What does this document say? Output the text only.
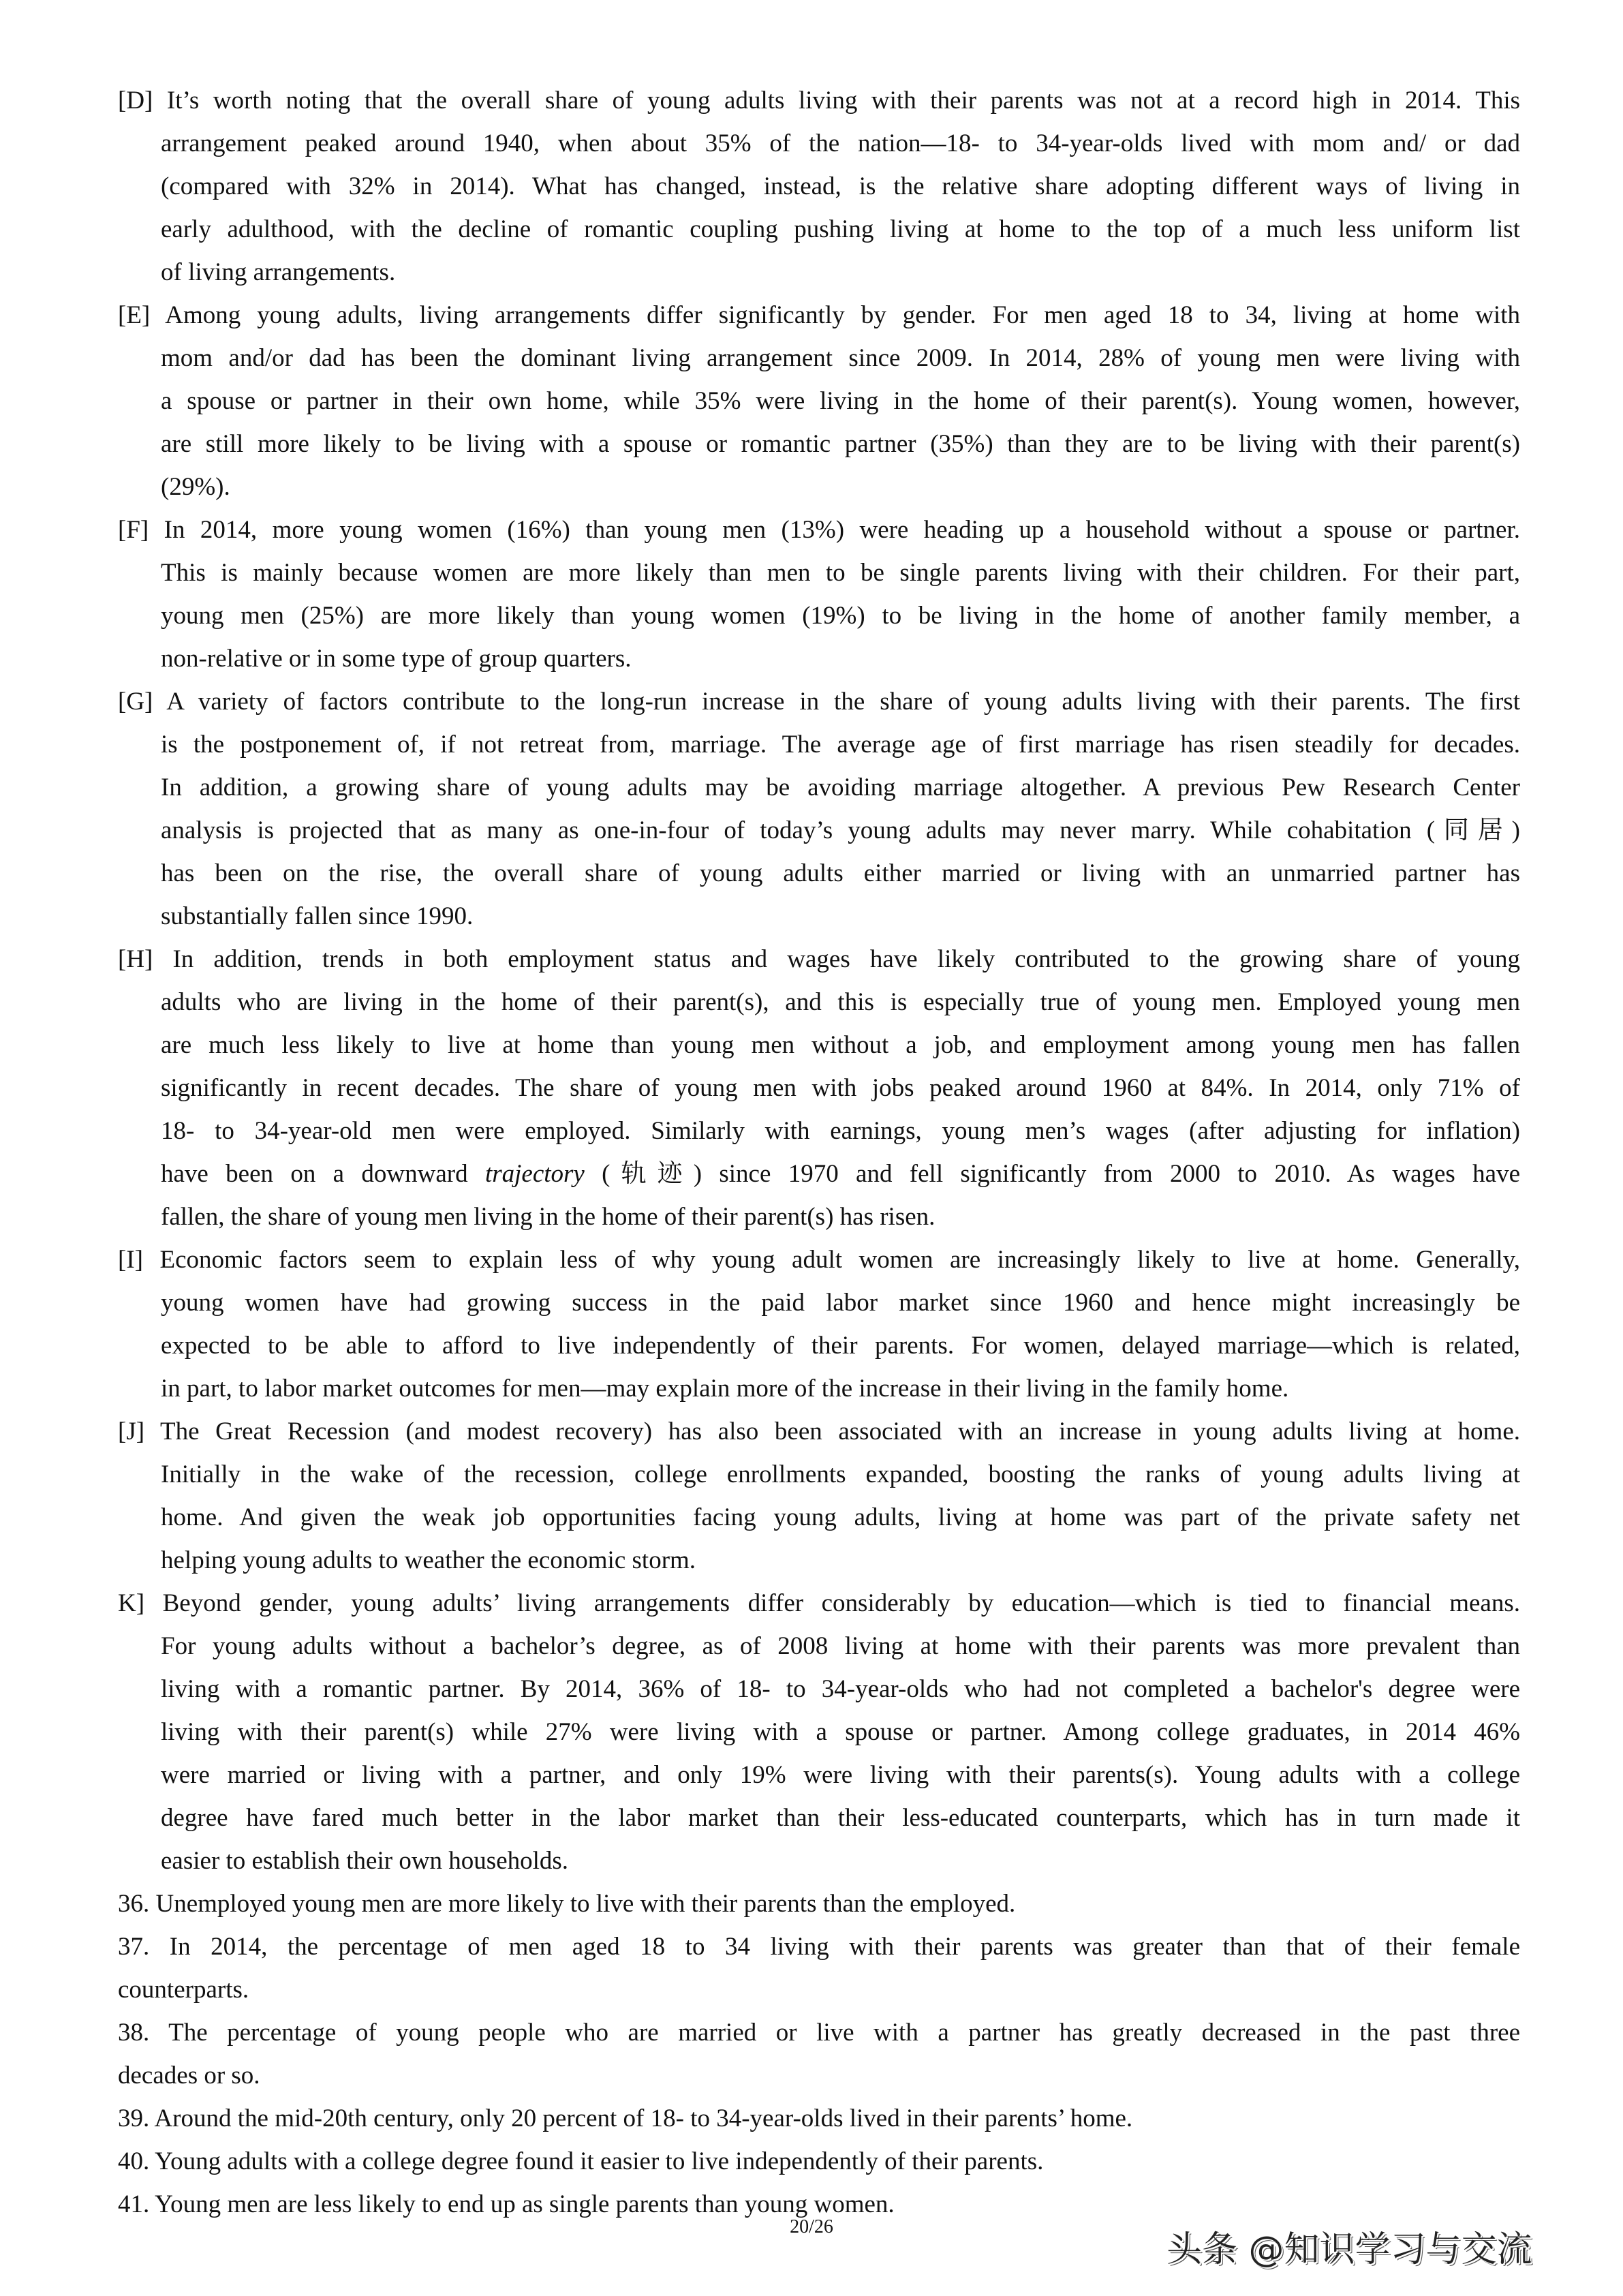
[D] It’s worth noting that the overall share of young adults living with their parents was not at a record high in 2014. This
arrangement peaked around 1940, when about 35% of the nation—18- to 34-year-olds lived with mom and/ or dad
(compared with 32% in 2014). What has changed, instead, is the relative share adopting different ways of living in
early adulthood, with the decline of romantic coupling pushing living at home to the top of a much less uniform list
of living arrangements.
[E] Among young adults, living arrangements differ significantly by gender. For men aged 18 to 34, living at home with
mom and/or dad has been the dominant living arrangement since 2009. In 2014, 28% of young men were living with
a spouse or partner in their own home, while 35% were living in the home of their parent(s). Young women, however,
are still more likely to be living with a spouse or romantic partner (35%) than they are to be living with their parent(s)
(29%).
[F] In 2014, more young women (16%) than young men (13%) were heading up a household without a spouse or partner.
This is mainly because women are more likely than men to be single parents living with their children. For their part,
young men (25%) are more likely than young women (19%) to be living in the home of another family member, a
non-relative or in some type of group quarters.
[G] A variety of factors contribute to the long-run increase in the share of young adults living with their parents. The first
is the postponement of, if not retreat from, marriage. The average age of first marriage has risen steadily for decades.
In addition, a growing share of young adults may be avoiding marriage altogether. A previous Pew Research Center
analysis is projected that as many as one-in-four of today’s young adults may never marry. While cohabitation (同居)
has been on the rise, the overall share of young adults either married or living with an unmarried partner has
substantially fallen since 1990.
[H] In addition, trends in both employment status and wages have likely contributed to the growing share of young
adults who are living in the home of their parent(s), and this is especially true of young men. Employed young men
are much less likely to live at home than young men without a job, and employment among young men has fallen
significantly in recent decades. The share of young men with jobs peaked around 1960 at 84%. In 2014, only 71% of
18- to 34-year-old men were employed. Similarly with earnings, young men’s wages (after adjusting for inflation)
have been on a downward trajectory (轨迹) since 1970 and fell significantly from 2000 to 2010. As wages have
fallen, the share of young men living in the home of their parent(s) has risen.
[I] Economic factors seem to explain less of why young adult women are increasingly likely to live at home. Generally,
young women have had growing success in the paid labor market since 1960 and hence might increasingly be
expected to be able to afford to live independently of their parents. For women, delayed marriage—which is related,
in part, to labor market outcomes for men—may explain more of the increase in their living in the family home.
[J] The Great Recession (and modest recovery) has also been associated with an increase in young adults living at home.
Initially in the wake of the recession, college enrollments expanded, boosting the ranks of young adults living at
home. And given the weak job opportunities facing young adults, living at home was part of the private safety net
helping young adults to weather the economic storm.
K] Beyond gender, young adults’ living arrangements differ considerably by education—which is tied to financial means.
For young adults without a bachelor’s degree, as of 2008 living at home with their parents was more prevalent than
living with a romantic partner. By 2014, 36% of 18- to 34-year-olds who had not completed a bachelor's degree were
living with their parent(s) while 27% were living with a spouse or partner. Among college graduates, in 2014 46%
were married or living with a partner, and only 19% were living with their parents(s). Young adults with a college
degree have fared much better in the labor market than their less-educated counterparts, which has in turn made it
easier to establish their own households.
36. Unemployed young men are more likely to live with their parents than the employed.
37. In 2014, the percentage of men aged 18 to 34 living with their parents was greater than that of their female
counterparts.
38. The percentage of young people who are married or live with a partner has greatly decreased in the past three
decades or so.
39. Around the mid-20th century, only 20 percent of 18- to 34-year-olds lived in their parents’ home.
40. Young adults with a college degree found it easier to live independently of their parents.
41. Young men are less likely to end up as single parents than young women.
20/26
头条 @知识学习与交流
